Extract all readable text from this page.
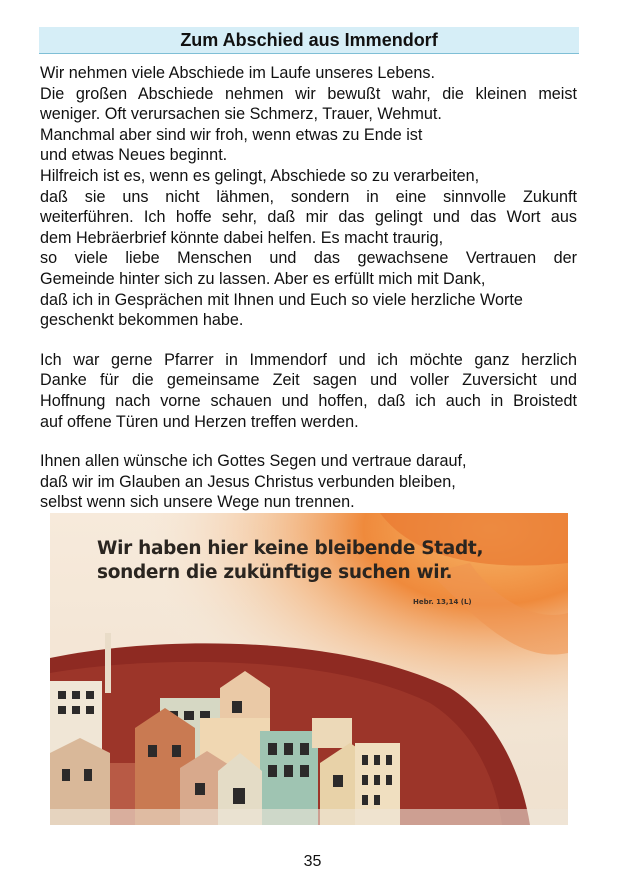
Zum Abschied aus Immendorf

Wir nehmen viele Abschiede im Laufe unseres Lebens.
Die großen Abschiede nehmen wir bewußt wahr, die kleinen meist
weniger. Oft verursachen sie Schmerz, Trauer, Wehmut.
Manchmal aber sind wir froh, wenn etwas zu Ende ist
und etwas Neues beginnt.
Hilfreich ist es, wenn es gelingt, Abschiede so zu verarbeiten,
daß sie uns nicht lähmen, sondern in eine sinnvolle Zukunft
weiterführen. Ich hoffe sehr, daß mir das gelingt und das Wort aus
dem Hebräerbrief könnte dabei helfen. Es macht traurig,
so viele liebe Menschen und das gewachsene Vertrauen der
Gemeinde hinter sich zu lassen. Aber es erfüllt mich mit Dank,
daß ich in Gesprächen mit Ihnen und Euch so viele herzliche Worte
geschenkt bekommen habe.

Ich war gerne Pfarrer in Immendorf und ich möchte ganz herzlich
Danke für die gemeinsame Zeit sagen und voller Zuversicht und
Hoffnung nach vorne schauen und hoffen, daß ich auch in Broistedt
auf offene Türen und Herzen treffen werden.

Ihnen allen wünsche ich Gottes Segen und vertraue darauf,
daß wir im Glauben an Jesus Christus verbunden bleiben,
selbst wenn sich unsere Wege nun trennen.

Wir haben hier keine bleibende Stadt,
sondern die zukünftige suchen wir.
Hebr. 13,14 (L)
35
